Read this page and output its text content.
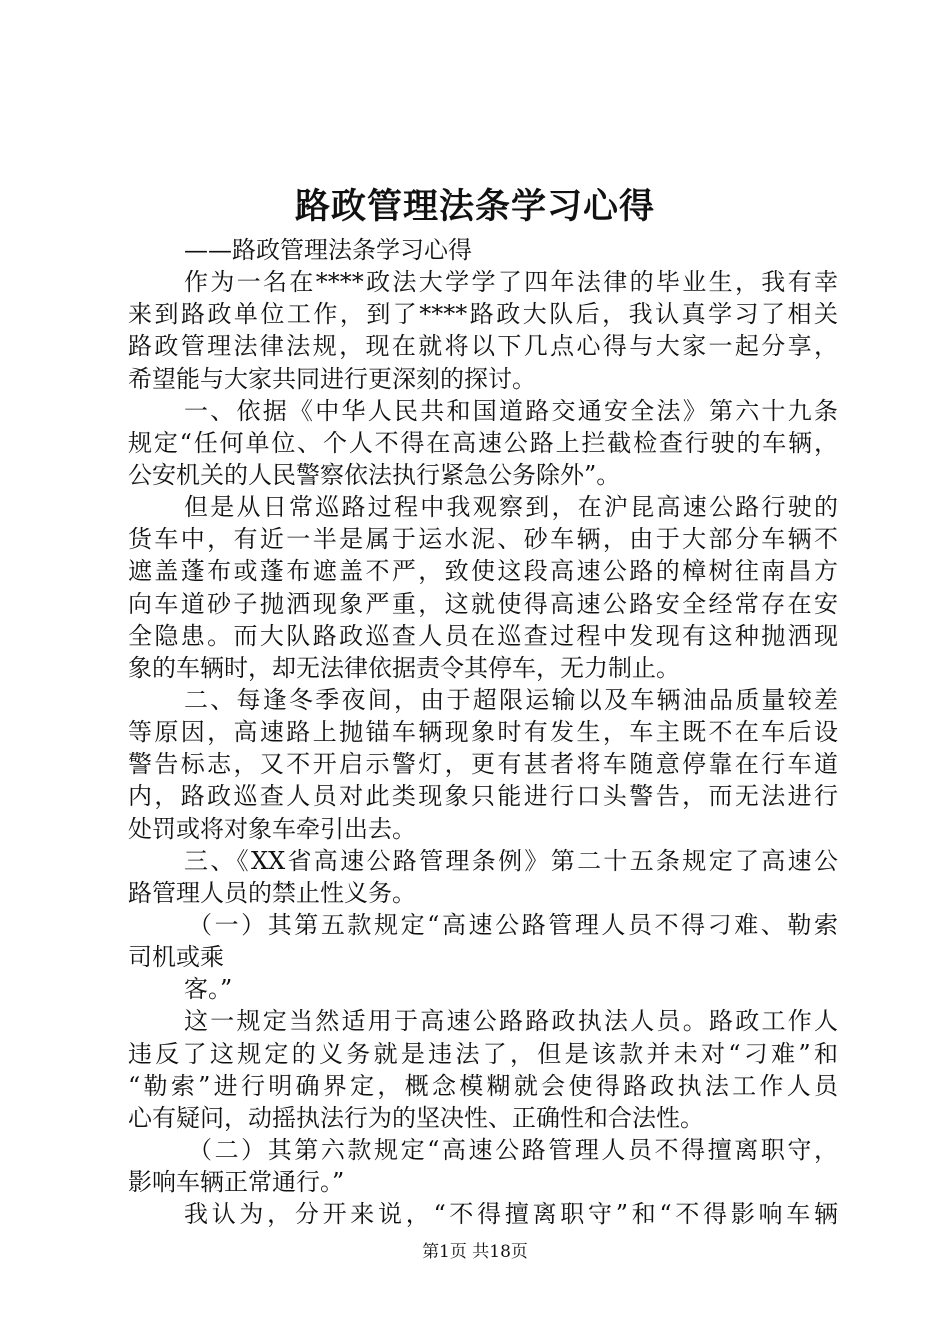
路政管理法条学习心得
——路政管理法条学习心得
作为一名在****政法大学学了四年法律的毕业生，我有幸
来到路政单位工作，到了****路政大队后，我认真学习了相关
路政管理法律法规，现在就将以下几点心得与大家一起分享，
希望能与大家共同进行更深刻的探讨。
一、依据《中华人民共和国道路交通安全法》第六十九条
规定“任何单位、个人不得在高速公路上拦截检查行驶的车辆，
公安机关的人民警察依法执行紧急公务除外”。
但是从日常巡路过程中我观察到，在沪昆高速公路行驶的
货车中，有近一半是属于运水泥、砂车辆，由于大部分车辆不
遮盖蓬布或蓬布遮盖不严，致使这段高速公路的樟树往南昌方
向车道砂子抛洒现象严重，这就使得高速公路安全经常存在安
全隐患。而大队路政巡查人员在巡查过程中发现有这种抛洒现
象的车辆时，却无法律依据责令其停车，无力制止。
二、每逢冬季夜间，由于超限运输以及车辆油品质量较差
等原因，高速路上抛锚车辆现象时有发生，车主既不在车后设
警告标志，又不开启示警灯，更有甚者将车随意停靠在行车道
内，路政巡查人员对此类现象只能进行口头警告，而无法进行
处罚或将对象车牵引出去。
三、《XX省高速公路管理条例》第二十五条规定了高速公
路管理人员的禁止性义务。
（一）其第五款规定“高速公路管理人员不得刁难、勒索
司机或乘
客。”
这一规定当然适用于高速公路路政执法人员。路政工作人
违反了这规定的义务就是违法了，但是该款并未对“刁难”和
“勒索”进行明确界定，概念模糊就会使得路政执法工作人员
心有疑问，动摇执法行为的坚决性、正确性和合法性。
（二）其第六款规定“高速公路管理人员不得擅离职守，
影响车辆正常通行。”
我认为，分开来说，“不得擅离职守”和“不得影响车辆
第1页 共18页
